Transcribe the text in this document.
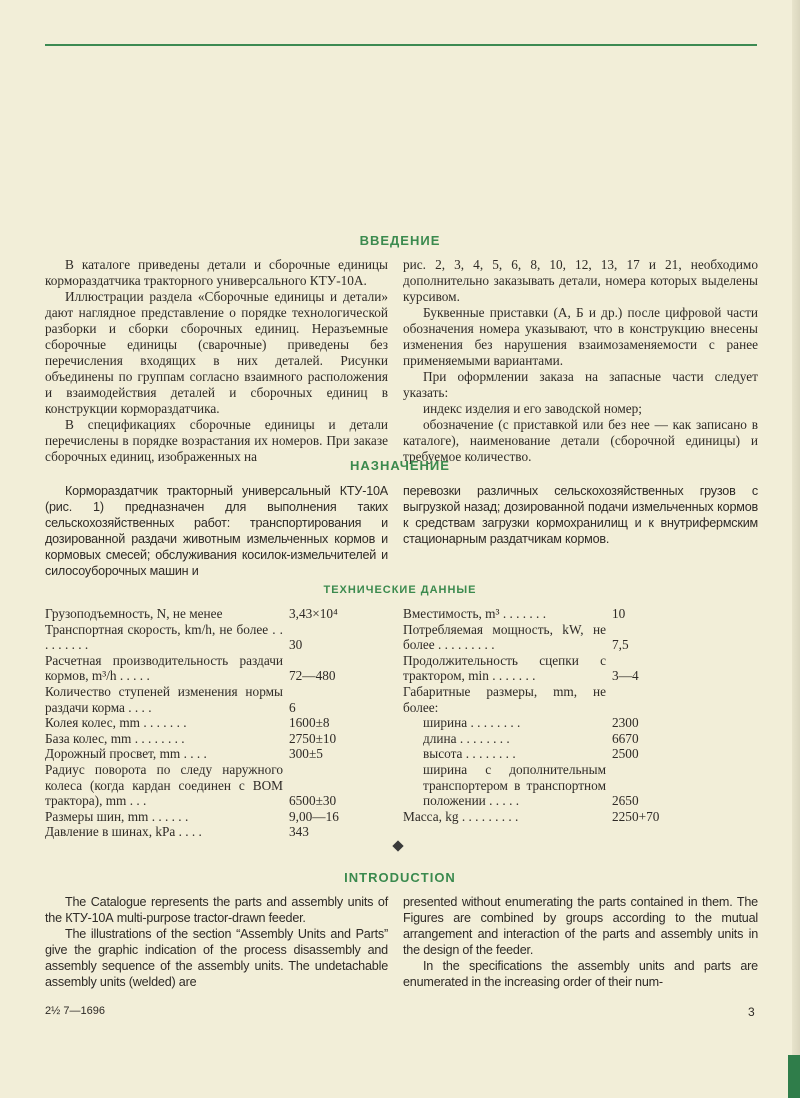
ВВЕДЕНИЕ

В каталоге приведены детали и сборочные единицы кормораздатчика тракторного универсального КТУ-10А.

Иллюстрации раздела «Сборочные единицы и детали» дают наглядное представление о порядке технологической разборки и сборки сборочных единиц. Неразъемные сборочные единицы (сварочные) приведены без перечисления входящих в них деталей. Рисунки объединены по группам согласно взаимного расположения и взаимодействия деталей и сборочных единиц в конструкции кормораздатчика.

В спецификациях сборочные единицы и детали перечислены в порядке возрастания их номеров. При заказе сборочных единиц, изображенных на

рис. 2, 3, 4, 5, 6, 8, 10, 12, 13, 17 и 21, необходимо дополнительно заказывать детали, номера которых выделены курсивом.

Буквенные приставки (А, Б и др.) после цифровой части обозначения номера указывают, что в конструкцию внесены изменения без нарушения взаимозаменяемости с ранее применяемыми вариантами.

При оформлении заказа на запасные части следует указать:

индекс изделия и его заводской номер;

обозначение (с приставкой или без нее — как записано в каталоге), наименование детали (сборочной единицы) и требуемое количество.

НАЗНАЧЕНИЕ

Кормораздатчик тракторный универсальный КТУ-10А (рис. 1) предназначен для выполнения таких сельскохозяйственных работ: транспортирования и дозированной раздачи животным измельченных кормов и кормовых смесей; обслуживания косилок-измельчителей и силосоуборочных машин и

перевозки различных сельскохозяйственных грузов с выгрузкой назад; дозированной подачи измельченных кормов к средствам загрузки кормохранилищ и к внутрифермским стационарным раздатчикам кормов.

ТЕХНИЧЕСКИЕ ДАННЫЕ
Грузоподъемность, N, не менее	3,43×10⁴
Транспортная скорость, km/h, не более . . . . . . . . .	30
Расчетная производительность раздачи кормов, m³/h . . . . .	72—480
Количество ступеней изменения нормы раздачи корма . . . .	6
Колея колес, mm . . . . . . .	1600±8
База колес, mm . . . . . . . .	2750±10
Дорожный просвет, mm . . . .	300±5
Радиус поворота по следу наружного колеса (когда кардан соединен с ВОМ трактора), mm . . .	6500±30
Размеры шин, mm . . . . . .	9,00—16
Давление в шинах, kPa . . . .	343
Вместимость, m³ . . . . . . .	10
Потребляемая мощность, kW, не более . . . . . . . . .	7,5
Продолжительность сцепки с трактором, min . . . . . . .	3—4
Габаритные размеры, mm, не более:
ширина . . . . . . . .	2300
длина . . . . . . . .	6670
высота . . . . . . . .	2500
ширина с дополнительным транспортером в транспортном положении . . . . .	2650
Масса, kg . . . . . . . . .	2250+70
INTRODUCTION

The Catalogue represents the parts and assembly units of the КТУ-10А multi-purpose tractor-drawn feeder.

The illustrations of the section “Assembly Units and Parts” give the graphic indication of the process disassembly and assembly sequence of the assembly units. The undetachable assembly units (welded) are

presented without enumerating the parts contained in them. The Figures are combined by groups according to the mutual arrangement and interaction of the parts and assembly units in the design of the feeder.

In the specifications the assembly units and parts are enumerated in the increasing order of their num-

2½ 7—1696	3
